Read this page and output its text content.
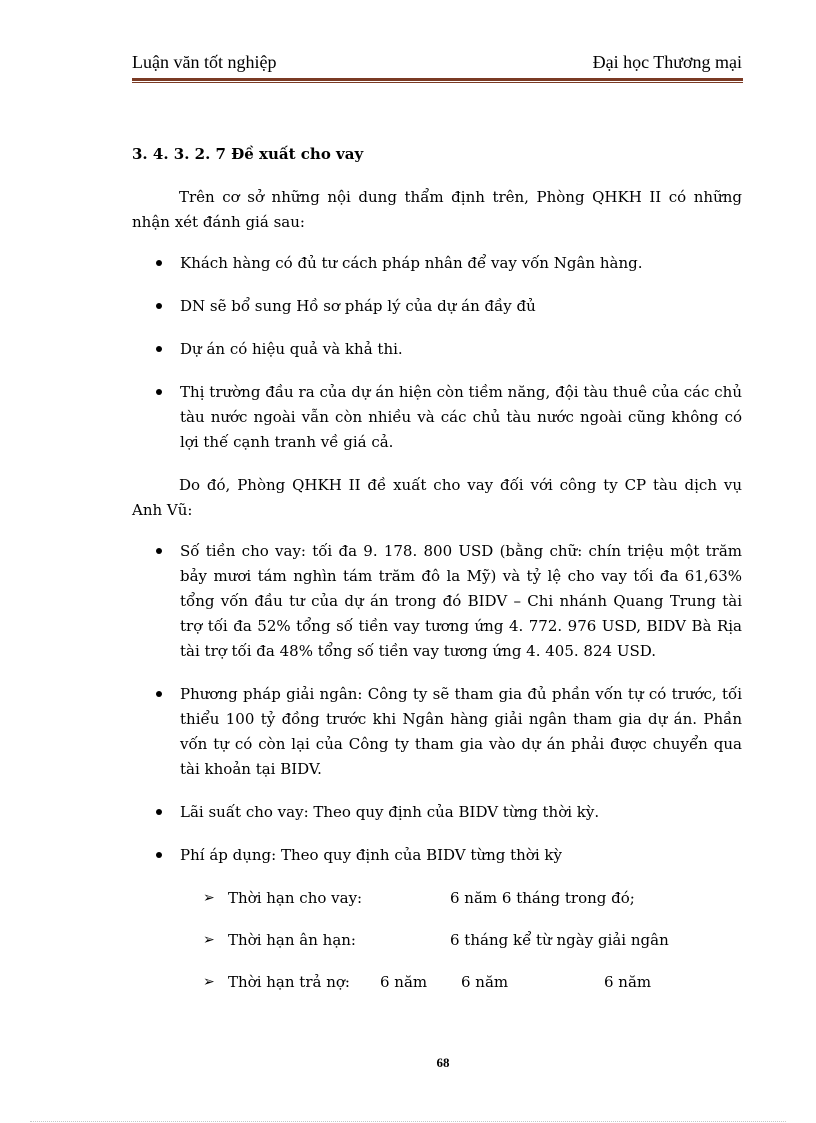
Luận văn tốt nghiệp	Đại học Thương mại
3. 4. 3. 2. 7 Đề xuất cho vay

Trên cơ sở những nội dung thẩm định trên, Phòng QHKH II có những nhận xét đánh giá sau:

Khách hàng có đủ tư cách pháp nhân để vay vốn Ngân hàng.
DN sẽ bổ sung Hồ sơ pháp lý của dự án đầy đủ
Dự án có hiệu quả và khả thi.
Thị trường đầu ra của dự án hiện còn tiềm năng, đội tàu thuê của các chủ tàu nước ngoài vẫn còn nhiều và các chủ tàu nước ngoài cũng không có lợi thế cạnh tranh về giá cả.

Do đó, Phòng QHKH II đề xuất cho vay đối với công ty CP tàu dịch vụ Anh Vũ:

Số tiền cho vay: tối đa 9. 178. 800 USD (bằng chữ: chín triệu một trăm bảy mươi tám nghìn tám trăm đô la Mỹ) và tỷ lệ cho vay tối đa 61,63% tổng vốn đầu tư của dự án trong đó BIDV – Chi nhánh Quang Trung tài trợ tối đa 52% tổng số tiền vay tương ứng 4. 772. 976 USD, BIDV Bà Rịa tài trợ tối đa 48% tổng số tiền vay tương ứng 4. 405. 824 USD.
Phương pháp giải ngân: Công ty sẽ tham gia đủ phần vốn tự có trước, tối thiểu 100 tỷ đồng trước khi Ngân hàng giải ngân tham gia dự án. Phần vốn tự có còn lại của Công ty tham gia vào dự án phải được chuyển qua tài khoản tại BIDV.
Lãi suất cho vay: Theo quy định của BIDV từng thời kỳ.
Phí áp dụng: Theo quy định của BIDV từng thời kỳ
➢ Thời hạn cho vay:	6 năm 6 tháng trong đó;
➢ Thời hạn ân hạn:	6 tháng kể từ ngày giải ngân
➢ Thời hạn trả nợ: 6 năm 6 năm	6 năm
68
